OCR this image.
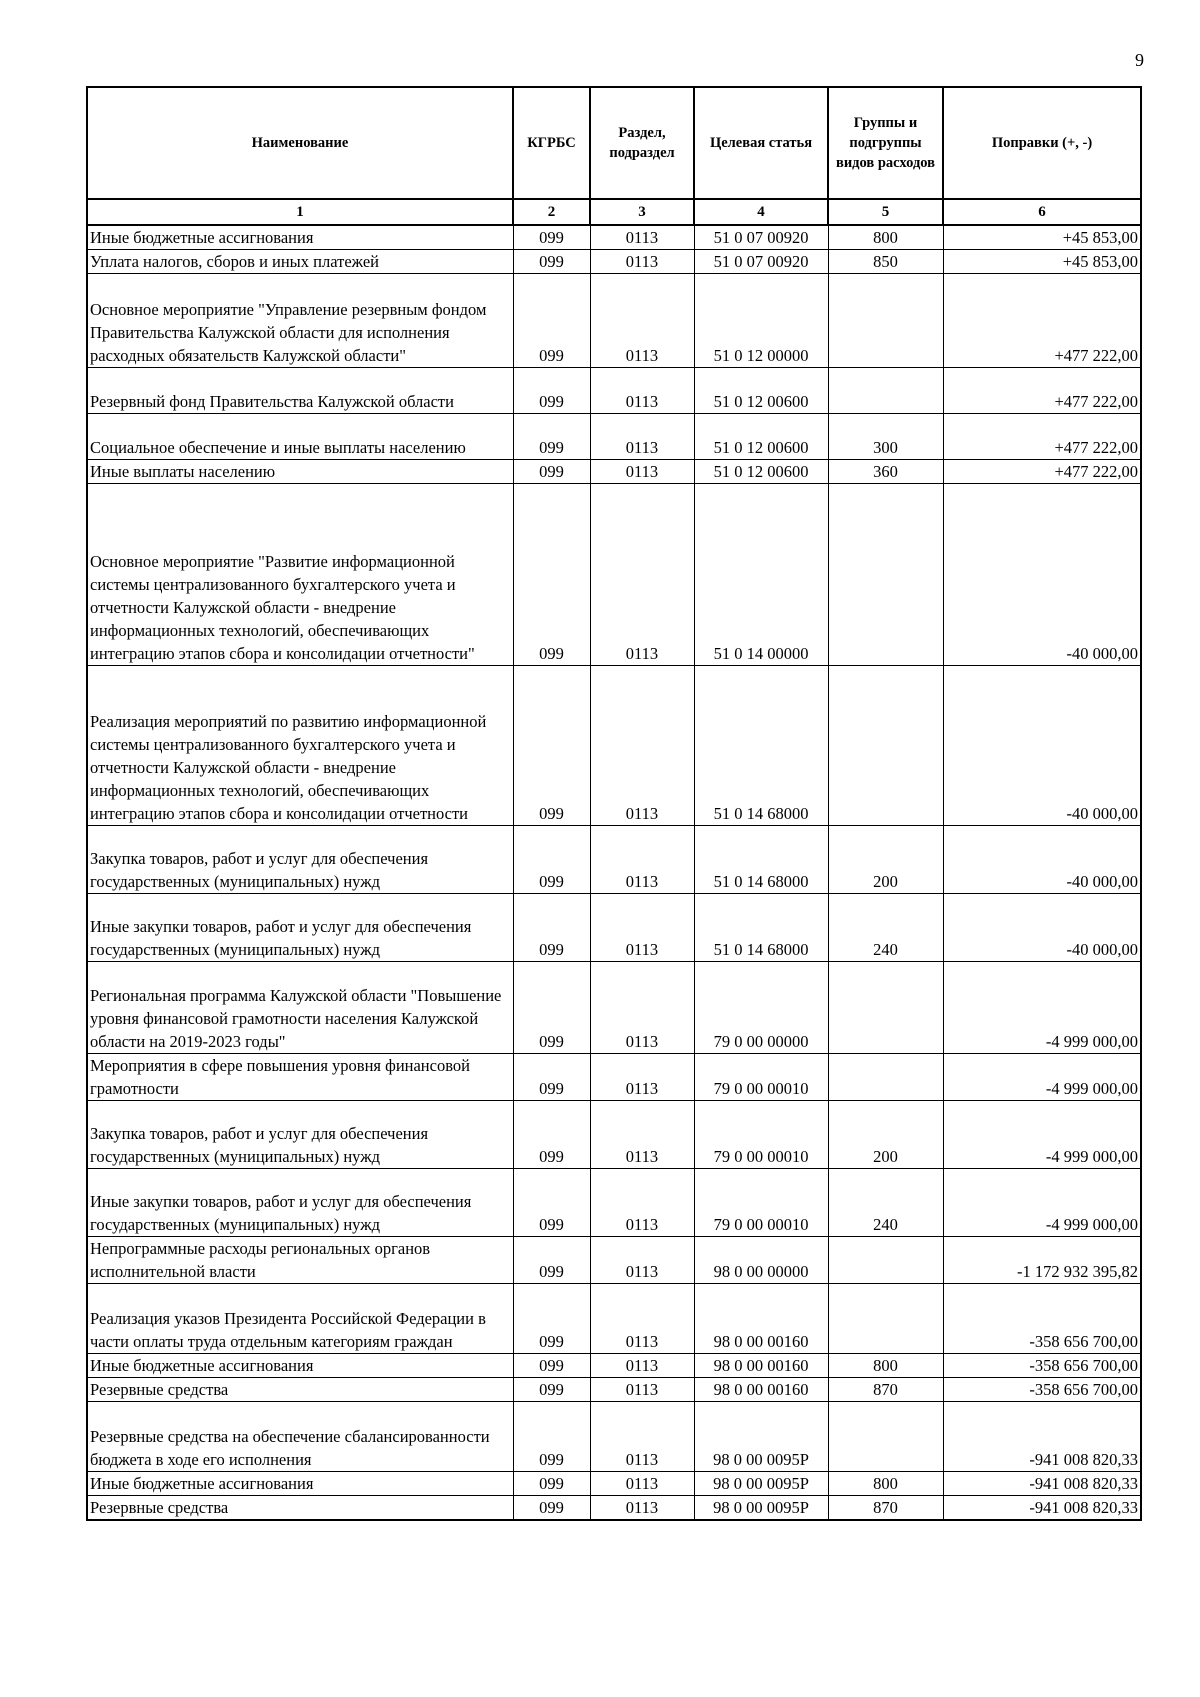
9
Наименование	КГРБС	Раздел, подраздел	Целевая статья	Группы и подгруппы видов расходов	Поправки (+, -)
1	2	3	4	5	6
Иные бюджетные ассигнования	099	0113	51 0 07 00920	800	+45 853,00
Уплата налогов, сборов и иных платежей	099	0113	51 0 07 00920	850	+45 853,00
Основное мероприятие "Управление резервным фондом Правительства Калужской области для исполнения расходных обязательств Калужской области"	099	0113	51 0 12 00000		+477 222,00
Резервный фонд Правительства Калужской области	099	0113	51 0 12 00600		+477 222,00
Социальное обеспечение и иные выплаты населению	099	0113	51 0 12 00600	300	+477 222,00
Иные выплаты населению	099	0113	51 0 12 00600	360	+477 222,00
Основное мероприятие "Развитие информационной системы централизованного бухгалтерского учета и отчетности Калужской области - внедрение информационных технологий, обеспечивающих интеграцию этапов сбора и консолидации отчетности"	099	0113	51 0 14 00000		-40 000,00
Реализация мероприятий по развитию информационной системы централизованного бухгалтерского учета и отчетности Калужской области - внедрение информационных технологий, обеспечивающих интеграцию этапов сбора и консолидации отчетности	099	0113	51 0 14 68000		-40 000,00
Закупка товаров, работ и услуг для обеспечения государственных (муниципальных) нужд	099	0113	51 0 14 68000	200	-40 000,00
Иные закупки товаров, работ и услуг для обеспечения государственных (муниципальных) нужд	099	0113	51 0 14 68000	240	-40 000,00
Региональная программа Калужской области "Повышение уровня финансовой грамотности населения Калужской области на 2019-2023 годы"	099	0113	79 0 00 00000		-4 999 000,00
Мероприятия в сфере повышения уровня финансовой грамотности	099	0113	79 0 00 00010		-4 999 000,00
Закупка товаров, работ и услуг для обеспечения государственных (муниципальных) нужд	099	0113	79 0 00 00010	200	-4 999 000,00
Иные закупки товаров, работ и услуг для обеспечения государственных (муниципальных) нужд	099	0113	79 0 00 00010	240	-4 999 000,00
Непрограммные расходы региональных органов исполнительной власти	099	0113	98 0 00 00000		-1 172 932 395,82
Реализация указов Президента Российской Федерации в части оплаты труда отдельным категориям граждан	099	0113	98 0 00 00160		-358 656 700,00
Иные бюджетные ассигнования	099	0113	98 0 00 00160	800	-358 656 700,00
Резервные средства	099	0113	98 0 00 00160	870	-358 656 700,00
Резервные средства на обеспечение сбалансированности бюджета в ходе его исполнения	099	0113	98 0 00 0095Р		-941 008 820,33
Иные бюджетные ассигнования	099	0113	98 0 00 0095Р	800	-941 008 820,33
Резервные средства	099	0113	98 0 00 0095Р	870	-941 008 820,33
